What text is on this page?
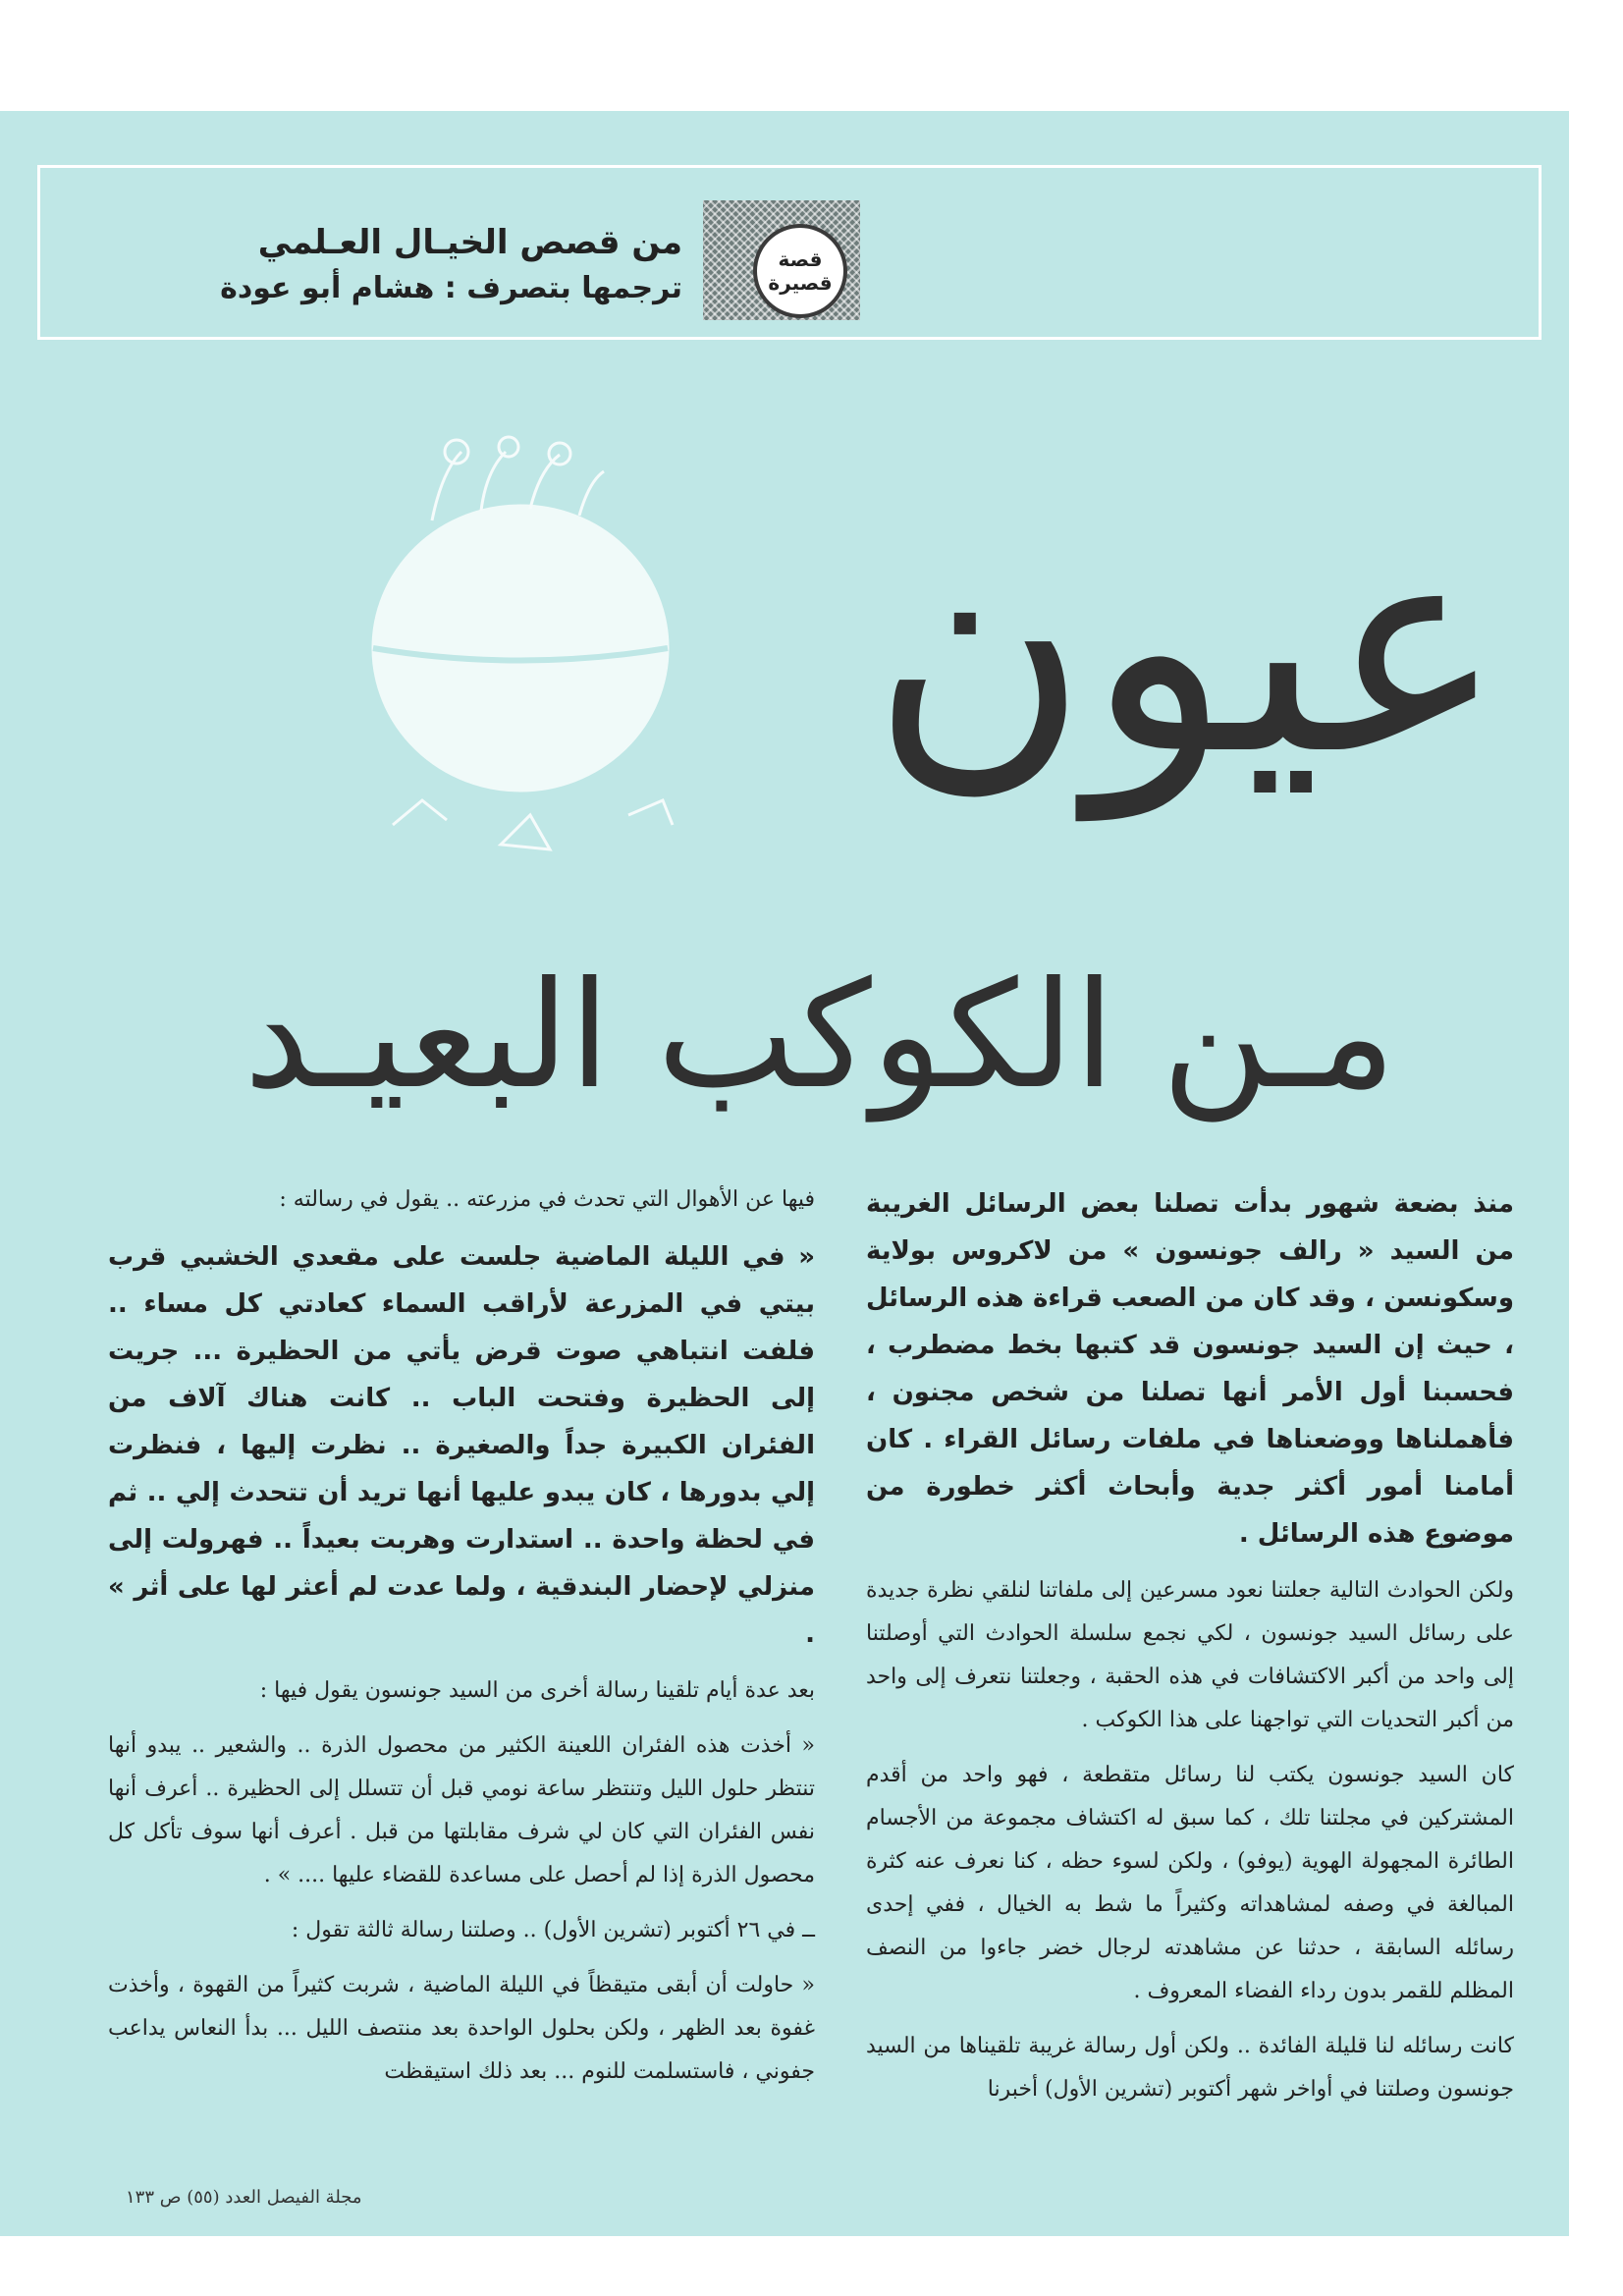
قصة
قصيرة
من قصص الخيـال العـلمي
ترجمها بتصرف : هشام أبو عودة
عيون
مـن الكوكب البعيـد

منذ بضعة شهور بدأت تصلنا بعض الرسائل الغريبة من السيد « رالف جونسون » من لاكروس بولاية وسكونسن ، وقد كان من الصعب قراءة هذه الرسائل ، حيث إن السيد جونسون قد كتبها بخط مضطرب ، فحسبنا أول الأمر أنها تصلنا من شخص مجنون ، فأهملناها ووضعناها في ملفات رسائل القراء . كان أمامنا أمور أكثر جدية وأبحاث أكثر خطورة من موضوع هذه الرسائل .

ولكن الحوادث التالية جعلتنا نعود مسرعين إلى ملفاتنا لنلقي نظرة جديدة على رسائل السيد جونسون ، لكي نجمع سلسلة الحوادث التي أوصلتنا إلى واحد من أكبر الاكتشافات في هذه الحقبة ، وجعلتنا نتعرف إلى واحد من أكبر التحديات التي تواجهنا على هذا الكوكب .

كان السيد جونسون يكتب لنا رسائل متقطعة ، فهو واحد من أقدم المشتركين في مجلتنا تلك ، كما سبق له اكتشاف مجموعة من الأجسام الطائرة المجهولة الهوية (يوفو) ، ولكن لسوء حظه ، كنا نعرف عنه كثرة المبالغة في وصفه لمشاهداته وكثيراً ما شط به الخيال ، ففي إحدى رسائله السابقة ، حدثنا عن مشاهدته لرجال خضر جاءوا من النصف المظلم للقمر بدون رداء الفضاء المعروف .

كانت رسائله لنا قليلة الفائدة .. ولكن أول رسالة غريبة تلقيناها من السيد جونسون وصلتنا في أواخر شهر أكتوبر (تشرين الأول) أخبرنا

فيها عن الأهوال التي تحدث في مزرعته .. يقول في رسالته :

« في الليلة الماضية جلست على مقعدي الخشبي قرب بيتي في المزرعة لأراقب السماء كعادتي كل مساء .. فلفت انتباهي صوت قرض يأتي من الحظيرة ... جريت إلى الحظيرة وفتحت الباب .. كانت هناك آلاف من الفئران الكبيرة جداً والصغيرة .. نظرت إليها ، فنظرت إلي بدورها ، كان يبدو عليها أنها تريد أن تتحدث إلي .. ثم في لحظة واحدة .. استدارت وهربت بعيداً .. فهرولت إلى منزلي لإحضار البندقية ، ولما عدت لم أعثر لها على أثر » .

بعد عدة أيام تلقينا رسالة أخرى من السيد جونسون يقول فيها :

« أخذت هذه الفئران اللعينة الكثير من محصول الذرة .. والشعير .. يبدو أنها تنتظر حلول الليل وتنتظر ساعة نومي قبل أن تتسلل إلى الحظيرة .. أعرف أنها نفس الفئران التي كان لي شرف مقابلتها من قبل . أعرف أنها سوف تأكل كل محصول الذرة إذا لم أحصل على مساعدة للقضاء عليها .... » .

ــ في ٢٦ أكتوبر (تشرين الأول) .. وصلتنا رسالة ثالثة تقول :

« حاولت أن أبقى متيقظاً في الليلة الماضية ، شربت كثيراً من القهوة ، وأخذت غفوة بعد الظهر ، ولكن بحلول الواحدة بعد منتصف الليل ... بدأ النعاس يداعب جفوني ، فاستسلمت للنوم ... بعد ذلك استيقظت

مجلة الفيصل العدد (٥٥) ص ١٣٣
